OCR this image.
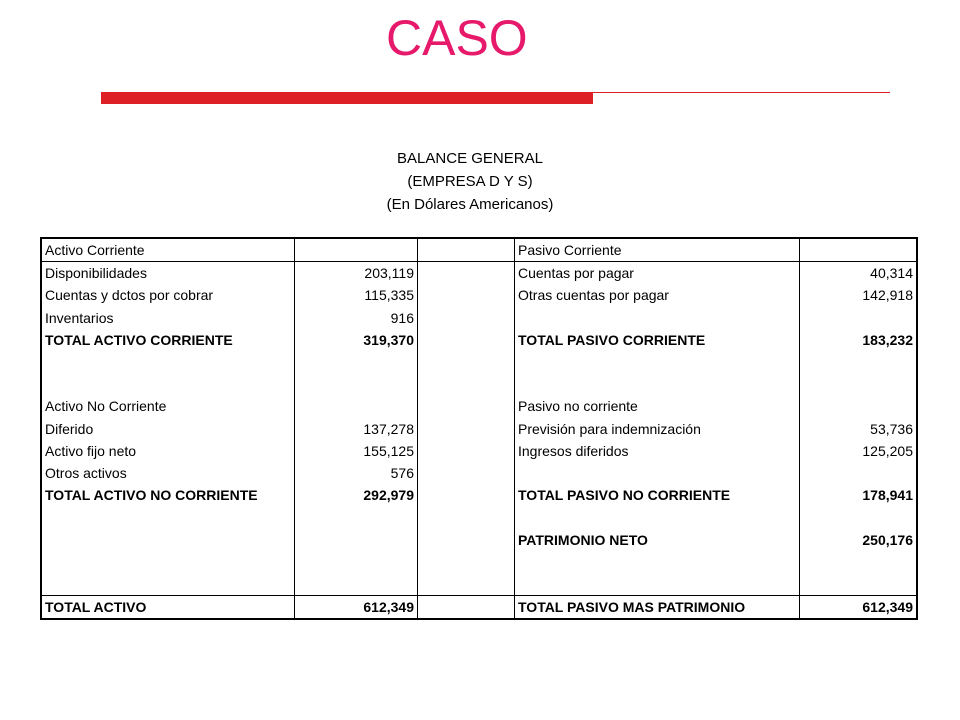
CASO
BALANCE GENERAL
(EMPRESA D Y S)
(En Dólares Americanos)
Activo Corriente			Pasivo Corriente	
Disponibilidades	203,119		Cuentas por pagar	40,314
Cuentas y dctos por cobrar	115,335		Otras cuentas por pagar	142,918
Inventarios	916			
TOTAL ACTIVO CORRIENTE	319,370		TOTAL PASIVO CORRIENTE	183,232

Activo No Corriente			Pasivo no corriente	
Diferido	137,278		Previsión para indemnización	53,736
Activo fijo neto	155,125		Ingresos diferidos	125,205
Otros activos	576			
TOTAL ACTIVO NO CORRIENTE	292,979		TOTAL PASIVO NO CORRIENTE	178,941

			PATRIMONIO NETO	250,176

TOTAL ACTIVO	612,349		TOTAL PASIVO MAS PATRIMONIO	612,349
